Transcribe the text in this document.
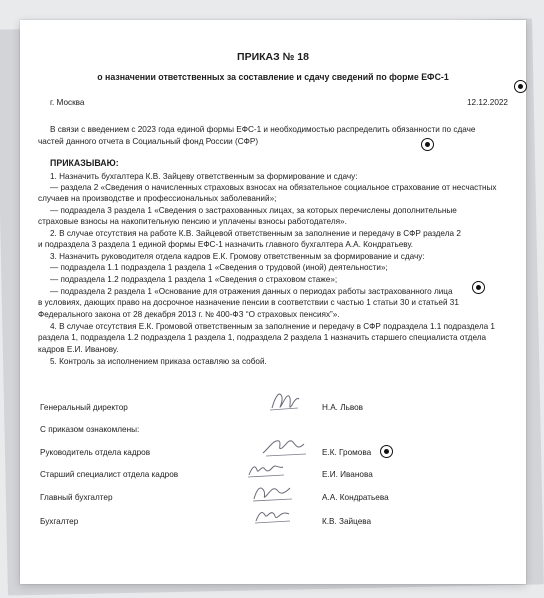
ПРИКАЗ № 18
о назначении ответственных за составление и сдачу сведений по форме ЕФС-1
г. Москва	12.12.2022
В связи с введением с 2023 года единой формы ЕФС-1 и необходимостью распределить обязанности по сдаче
частей данного отчета в Социальный фонд России (СФР)
ПРИКАЗЫВАЮ:
1. Назначить бухгалтера К.В. Зайцеву ответственным за формирование и сдачу:
— раздела 2 «Сведения о начисленных страховых взносах на обязательное социальное страхование от несчастных
случаев на производстве и профессиональных заболеваний»;
— подраздела 3 раздела 1 «Сведения о застрахованных лицах, за которых перечислены дополнительные
страховые взносы на накопительную пенсию и уплачены взносы работодателя».
2. В случае отсутствия на работе К.В. Зайцевой ответственным за заполнение и передачу в СФР раздела 2
и подраздела 3 раздела 1 единой формы ЕФС-1 назначить главного бухгалтера А.А. Кондратьеву.
3. Назначить руководителя отдела кадров Е.К. Громову ответственным за формирование и сдачу:
— подраздела 1.1 подраздела 1 раздела 1 «Сведения о трудовой (иной) деятельности»;
— подраздела 1.2 подраздела 1 раздела 1 «Сведения о страховом стаже»;
— подраздела 2 раздела 1 «Основание для отражения данных о периодах работы застрахованного лица
в условиях, дающих право на досрочное назначение пенсии в соответствии с частью 1 статьи 30 и статьей 31
Федерального закона от 28 декабря 2013 г. № 400-ФЗ “О страховых пенсиях”».
4. В случае отсутствия Е.К. Громовой ответственным за заполнение и передачу в СФР подраздела 1.1 подраздела 1
раздела 1, подраздела 1.2 подраздела 1 раздела 1, подраздела 2 раздела 1 назначить старшего специалиста отдела
кадров Е.И. Иванову.
5. Контроль за исполнением приказа оставляю за собой.
Генеральный директор	Н.А. Львов
С приказом ознакомлены:
Руководитель отдела кадров	Е.К. Громова
Старший специалист отдела кадров	Е.И. Иванова
Главный бухгалтер	А.А. Кондратьева
Бухгалтер	К.В. Зайцева
